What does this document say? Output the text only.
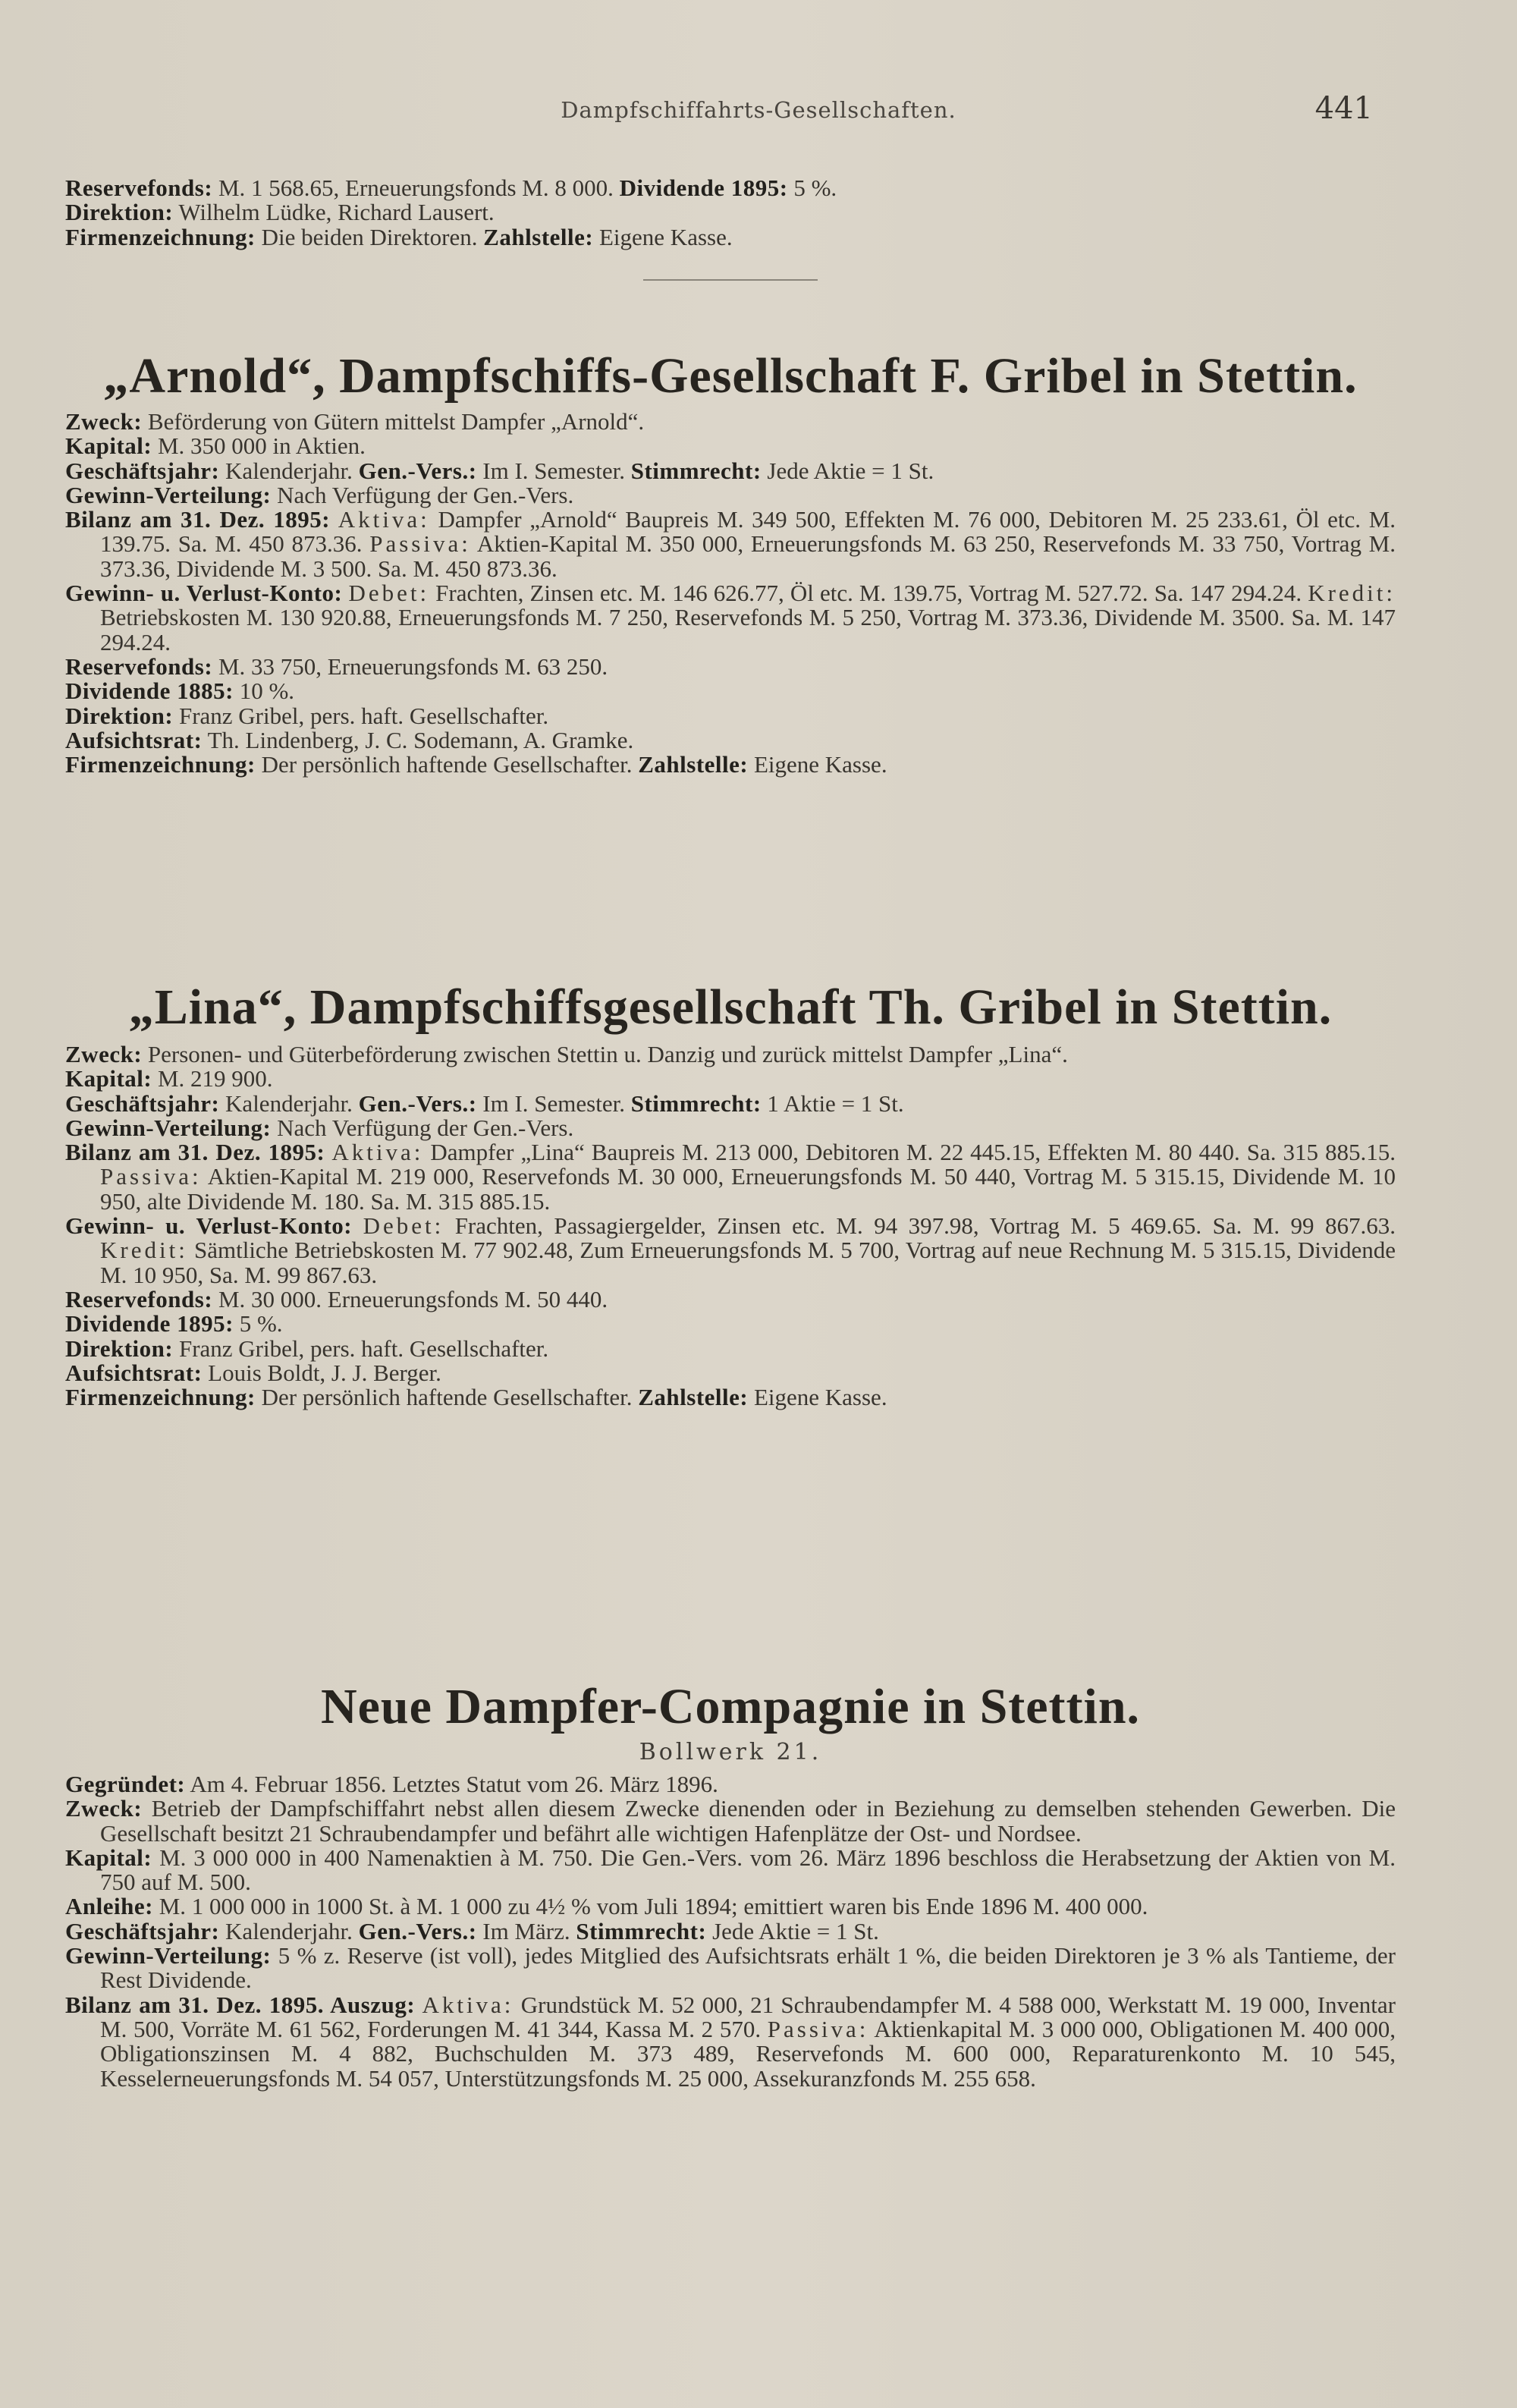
Dampfschiffahrts-Gesellschaften.	441

Reservefonds: M. 1 568.65, Erneuerungsfonds M. 8 000. Dividende 1895: 5 %.

Direktion: Wilhelm Lüdke, Richard Lausert.

Firmenzeichnung: Die beiden Direktoren. Zahlstelle: Eigene Kasse.

„Arnold“, Dampfschiffs-Gesellschaft F. Gribel in Stettin.

Zweck: Beförderung von Gütern mittelst Dampfer „Arnold“.

Kapital: M. 350 000 in Aktien.

Geschäftsjahr: Kalenderjahr. Gen.-Vers.: Im I. Semester. Stimmrecht: Jede Aktie = 1 St.

Gewinn-Verteilung: Nach Verfügung der Gen.-Vers.

Bilanz am 31. Dez. 1895: Aktiva: Dampfer „Arnold“ Baupreis M. 349 500, Effekten M. 76 000, Debitoren M. 25 233.61, Öl etc. M. 139.75. Sa. M. 450 873.36. Passiva: Aktien-Kapital M. 350 000, Erneuerungsfonds M. 63 250, Reservefonds M. 33 750, Vortrag M. 373.36, Dividende M. 3 500. Sa. M. 450 873.36.

Gewinn- u. Verlust-Konto: Debet: Frachten, Zinsen etc. M. 146 626.77, Öl etc. M. 139.75, Vortrag M. 527.72. Sa. 147 294.24. Kredit: Betriebskosten M. 130 920.88, Erneuerungsfonds M. 7 250, Reservefonds M. 5 250, Vortrag M. 373.36, Dividende M. 3500. Sa. M. 147 294.24.

Reservefonds: M. 33 750, Erneuerungsfonds M. 63 250.

Dividende 1885: 10 %.

Direktion: Franz Gribel, pers. haft. Gesellschafter.

Aufsichtsrat: Th. Lindenberg, J. C. Sodemann, A. Gramke.

Firmenzeichnung: Der persönlich haftende Gesellschafter. Zahlstelle: Eigene Kasse.

„Lina“, Dampfschiffsgesellschaft Th. Gribel in Stettin.

Zweck: Personen- und Güterbeförderung zwischen Stettin u. Danzig und zurück mittelst Dampfer „Lina“.

Kapital: M. 219 900.

Geschäftsjahr: Kalenderjahr. Gen.-Vers.: Im I. Semester. Stimmrecht: 1 Aktie = 1 St.

Gewinn-Verteilung: Nach Verfügung der Gen.-Vers.

Bilanz am 31. Dez. 1895: Aktiva: Dampfer „Lina“ Baupreis M. 213 000, Debitoren M. 22 445.15, Effekten M. 80 440. Sa. 315 885.15. Passiva: Aktien-Kapital M. 219 000, Reservefonds M. 30 000, Erneuerungsfonds M. 50 440, Vortrag M. 5 315.15, Dividende M. 10 950, alte Dividende M. 180. Sa. M. 315 885.15.

Gewinn- u. Verlust-Konto: Debet: Frachten, Passagiergelder, Zinsen etc. M. 94 397.98, Vortrag M. 5 469.65. Sa. M. 99 867.63. Kredit: Sämtliche Betriebskosten M. 77 902.48, Zum Erneuerungsfonds M. 5 700, Vortrag auf neue Rechnung M. 5 315.15, Dividende M. 10 950, Sa. M. 99 867.63.

Reservefonds: M. 30 000. Erneuerungsfonds M. 50 440.

Dividende 1895: 5 %.

Direktion: Franz Gribel, pers. haft. Gesellschafter.

Aufsichtsrat: Louis Boldt, J. J. Berger.

Firmenzeichnung: Der persönlich haftende Gesellschafter. Zahlstelle: Eigene Kasse.

Neue Dampfer-Compagnie in Stettin.
Bollwerk 21.

Gegründet: Am 4. Februar 1856. Letztes Statut vom 26. März 1896.

Zweck: Betrieb der Dampfschiffahrt nebst allen diesem Zwecke dienenden oder in Beziehung zu demselben stehenden Gewerben. Die Gesellschaft besitzt 21 Schraubendampfer und befährt alle wichtigen Hafenplätze der Ost- und Nordsee.

Kapital: M. 3 000 000 in 400 Namenaktien à M. 750. Die Gen.-Vers. vom 26. März 1896 beschloss die Herabsetzung der Aktien von M. 750 auf M. 500.

Anleihe: M. 1 000 000 in 1000 St. à M. 1 000 zu 4½ % vom Juli 1894; emittiert waren bis Ende 1896 M. 400 000.

Geschäftsjahr: Kalenderjahr. Gen.-Vers.: Im März. Stimmrecht: Jede Aktie = 1 St.

Gewinn-Verteilung: 5 % z. Reserve (ist voll), jedes Mitglied des Aufsichtsrats erhält 1 %, die beiden Direktoren je 3 % als Tantieme, der Rest Dividende.

Bilanz am 31. Dez. 1895. Auszug: Aktiva: Grundstück M. 52 000, 21 Schraubendampfer M. 4 588 000, Werkstatt M. 19 000, Inventar M. 500, Vorräte M. 61 562, Forderungen M. 41 344, Kassa M. 2 570. Passiva: Aktienkapital M. 3 000 000, Obligationen M. 400 000, Obligationszinsen M. 4 882, Buchschulden M. 373 489, Reservefonds M. 600 000, Reparaturenkonto M. 10 545, Kesselerneuerungsfonds M. 54 057, Unterstützungsfonds M. 25 000, Assekuranzfonds M. 255 658.
